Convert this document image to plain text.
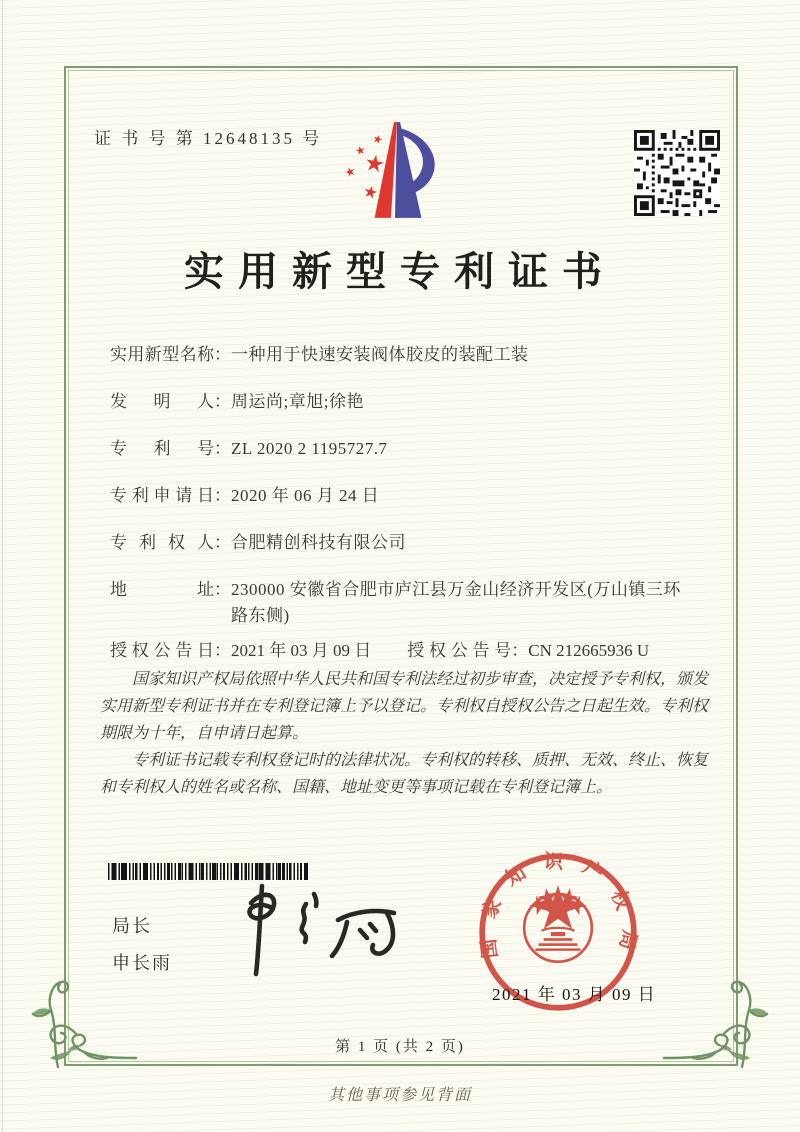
证 书 号 第 12648135 号
实用新型专利证书
实用新型名称 ： 一种用于快速安装阀体胶皮的装配工装
发明人 ： 周运尚;章旭;徐艳
专利号 ： ZL 2020 2 1195727.7
专利申请日 ： 2020 年 06 月 24 日
专利权人 ： 合肥精创科技有限公司
地址 ： 230000 安徽省合肥市庐江县万金山经济开发区(万山镇三环路东侧)
授权公告日 ： 2021 年 03 月 09 日 授权公告号 ： CN 212665936 U

国家知识产权局依照中华人民共和国专利法经过初步审查，决定授予专利权，颁发实用新型专利证书并在专利登记簿上予以登记。专利权自授权公告之日起生效。专利权期限为十年，自申请日起算。

专利证书记载专利权登记时的法律状况。专利权的转移、质押、无效、终止、恢复和专利权人的姓名或名称、国籍、地址变更等事项记载在专利登记簿上。

局长
申长雨
国家知识产权局
2021 年 03 月 09 日
第 1 页 (共 2 页)
其他事项参见背面
